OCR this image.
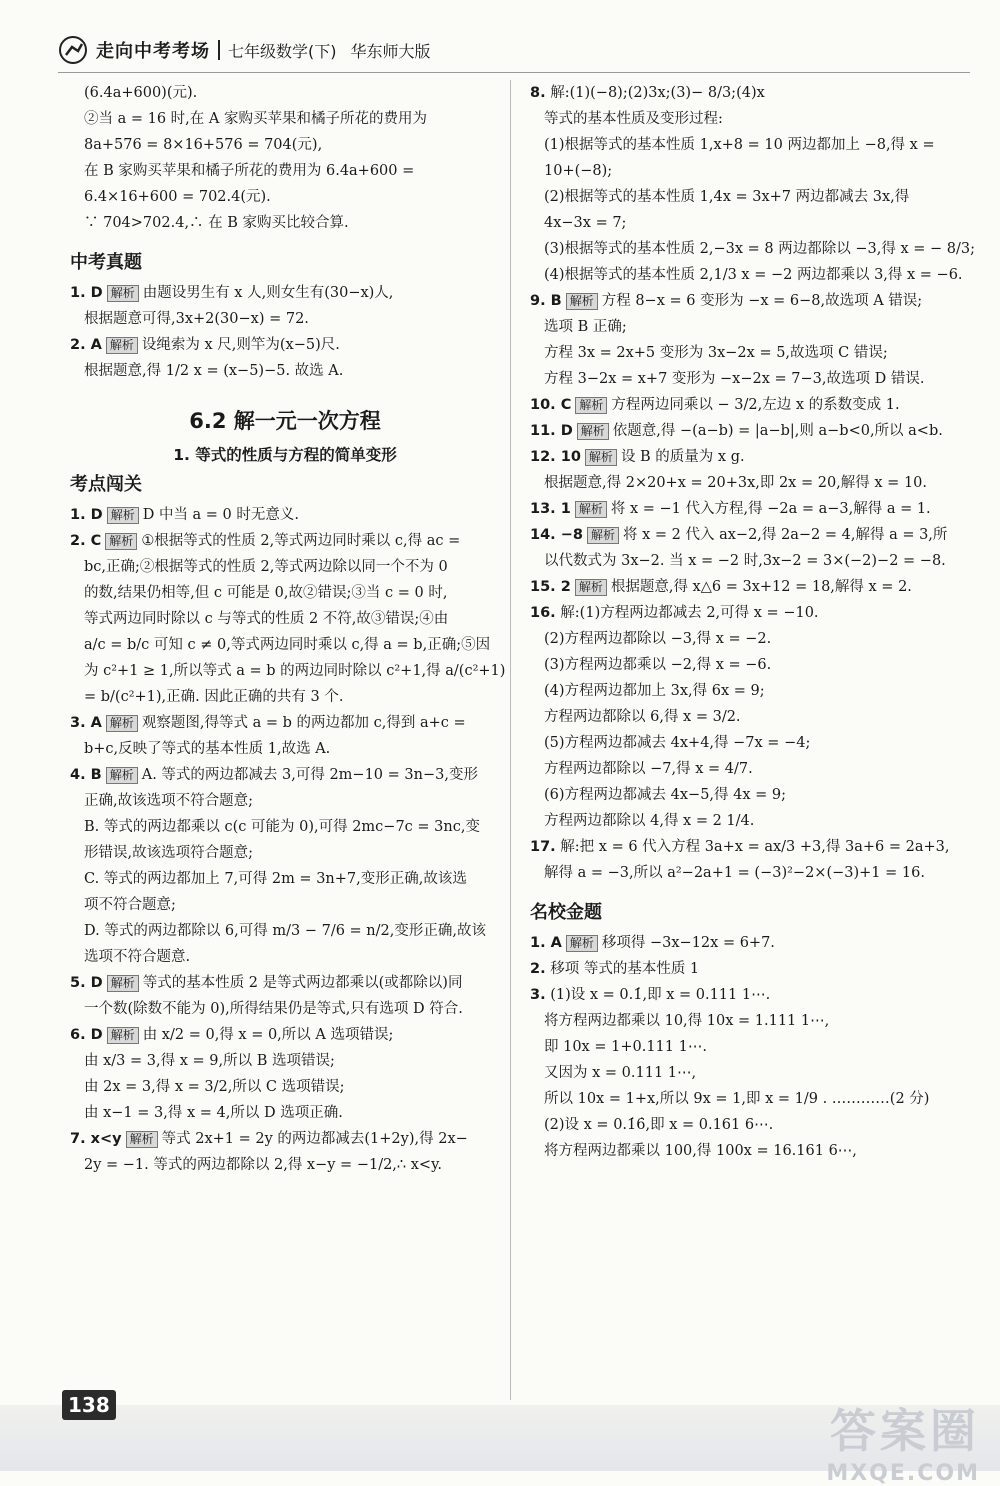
走向中考考场 七年级数学(下) 华东师大版

(6.4a+600)(元).

②当 a = 16 时,在 A 家购买苹果和橘子所花的费用为

8a+576 = 8×16+576 = 704(元),

在 B 家购买苹果和橘子所花的费用为 6.4a+600 =

6.4×16+600 = 702.4(元).

∵ 704>702.4,∴ 在 B 家购买比较合算.

中考真题

1. D 解析 由题设男生有 x 人,则女生有(30−x)人,

根据题意可得,3x+2(30−x) = 72.

2. A 解析 设绳索为 x 尺,则竿为(x−5)尺.

根据题意,得 1/2 x = (x−5)−5. 故选 A.

6.2 解一元一次方程
1. 等式的性质与方程的简单变形
考点闯关

1. D 解析 D 中当 a = 0 时无意义.

2. C 解析 ①根据等式的性质 2,等式两边同时乘以 c,得 ac =

bc,正确;②根据等式的性质 2,等式两边除以同一个不为 0

的数,结果仍相等,但 c 可能是 0,故②错误;③当 c = 0 时,

等式两边同时除以 c 与等式的性质 2 不符,故③错误;④由

a/c = b/c 可知 c ≠ 0,等式两边同时乘以 c,得 a = b,正确;⑤因

为 c²+1 ≥ 1,所以等式 a = b 的两边同时除以 c²+1,得 a/(c²+1)

= b/(c²+1),正确. 因此正确的共有 3 个.

3. A 解析 观察题图,得等式 a = b 的两边都加 c,得到 a+c =

b+c,反映了等式的基本性质 1,故选 A.

4. B 解析 A. 等式的两边都减去 3,可得 2m−10 = 3n−3,变形

正确,故该选项不符合题意;

B. 等式的两边都乘以 c(c 可能为 0),可得 2mc−7c = 3nc,变

形错误,故该选项符合题意;

C. 等式的两边都加上 7,可得 2m = 3n+7,变形正确,故该选

项不符合题意;

D. 等式的两边都除以 6,可得 m/3 − 7/6 = n/2,变形正确,故该

选项不符合题意.

5. D 解析 等式的基本性质 2 是等式两边都乘以(或都除以)同

一个数(除数不能为 0),所得结果仍是等式,只有选项 D 符合.

6. D 解析 由 x/2 = 0,得 x = 0,所以 A 选项错误;

由 x/3 = 3,得 x = 9,所以 B 选项错误;

由 2x = 3,得 x = 3/2,所以 C 选项错误;

由 x−1 = 3,得 x = 4,所以 D 选项正确.

7. x<y 解析 等式 2x+1 = 2y 的两边都减去(1+2y),得 2x−

2y = −1. 等式的两边都除以 2,得 x−y = −1/2,∴ x<y.

8. 解:(1)(−8);(2)3x;(3)− 8/3;(4)x

等式的基本性质及变形过程:

(1)根据等式的基本性质 1,x+8 = 10 两边都加上 −8,得 x =

10+(−8);

(2)根据等式的基本性质 1,4x = 3x+7 两边都减去 3x,得

4x−3x = 7;

(3)根据等式的基本性质 2,−3x = 8 两边都除以 −3,得 x = − 8/3;

(4)根据等式的基本性质 2,1/3 x = −2 两边都乘以 3,得 x = −6.

9. B 解析 方程 8−x = 6 变形为 −x = 6−8,故选项 A 错误;

选项 B 正确;

方程 3x = 2x+5 变形为 3x−2x = 5,故选项 C 错误;

方程 3−2x = x+7 变形为 −x−2x = 7−3,故选项 D 错误.

10. C 解析 方程两边同乘以 − 3/2,左边 x 的系数变成 1.

11. D 解析 依题意,得 −(a−b) = |a−b|,则 a−b<0,所以 a<b.

12. 10 解析 设 B 的质量为 x g.

根据题意,得 2×20+x = 20+3x,即 2x = 20,解得 x = 10.

13. 1 解析 将 x = −1 代入方程,得 −2a = a−3,解得 a = 1.

14. −8 解析 将 x = 2 代入 ax−2,得 2a−2 = 4,解得 a = 3,所

以代数式为 3x−2. 当 x = −2 时,3x−2 = 3×(−2)−2 = −8.

15. 2 解析 根据题意,得 x△6 = 3x+12 = 18,解得 x = 2.

16. 解:(1)方程两边都减去 2,可得 x = −10.

(2)方程两边都除以 −3,得 x = −2.

(3)方程两边都乘以 −2,得 x = −6.

(4)方程两边都加上 3x,得 6x = 9;

方程两边都除以 6,得 x = 3/2.

(5)方程两边都减去 4x+4,得 −7x = −4;

方程两边都除以 −7,得 x = 4/7.

(6)方程两边都减去 4x−5,得 4x = 9;

方程两边都除以 4,得 x = 2 1/4.

17. 解:把 x = 6 代入方程 3a+x = ax/3 +3,得 3a+6 = 2a+3,

解得 a = −3,所以 a²−2a+1 = (−3)²−2×(−3)+1 = 16.

名校金题

1. A 解析 移项得 −3x−12x = 6+7.

2. 移项 等式的基本性质 1

3. (1)设 x = 0.1̇,即 x = 0.111 1⋯.

将方程两边都乘以 10,得 10x = 1.111 1⋯,

即 10x = 1+0.111 1⋯.

又因为 x = 0.111 1⋯,

所以 10x = 1+x,所以 9x = 1,即 x = 1/9 . …………(2 分)

(2)设 x = 0.1̇6̇,即 x = 0.161 6⋯.

将方程两边都乘以 100,得 100x = 16.161 6⋯,

138	答案圈
MXQE.COM
